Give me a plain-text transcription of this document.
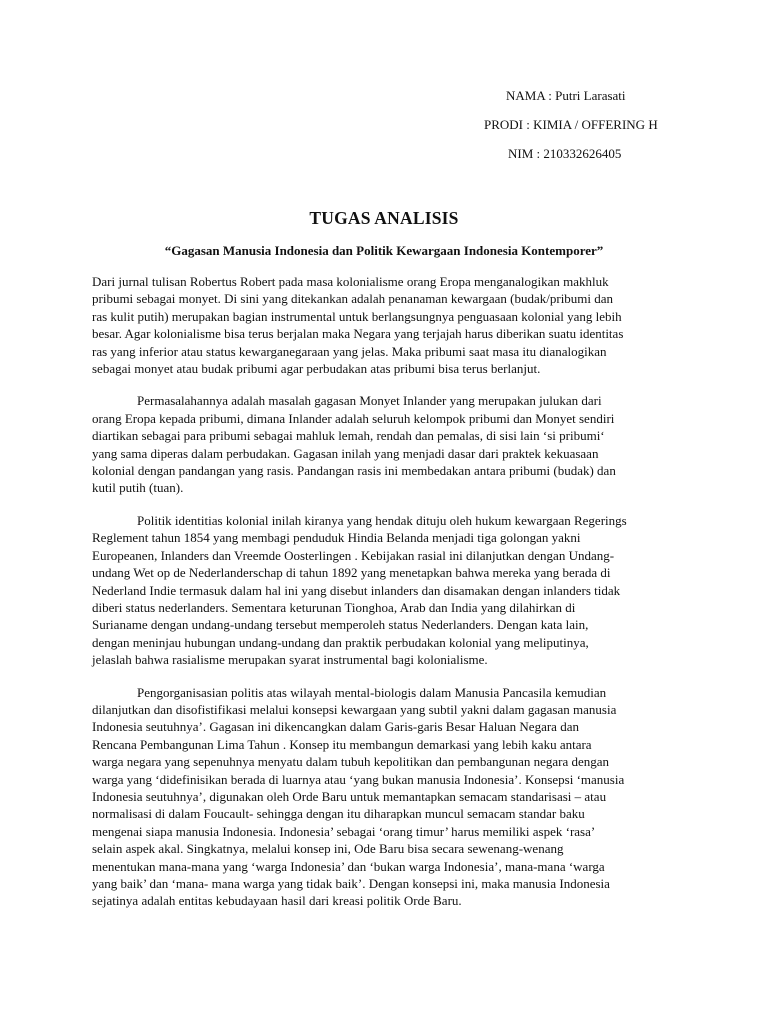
NAMA : Putri Larasati
PRODI : KIMIA / OFFERING H
NIM : 210332626405
TUGAS ANALISIS
“Gagasan Manusia Indonesia dan Politik Kewargaan Indonesia Kontemporer”

Dari jurnal tulisan Robertus Robert pada masa kolonialisme orang Eropa menganalogikan makhluk
pribumi sebagai monyet. Di sini yang ditekankan adalah penanaman kewargaan (budak/pribumi dan
ras kulit putih) merupakan bagian instrumental untuk berlangsungnya penguasaan kolonial yang lebih
besar. Agar kolonialisme bisa terus berjalan maka Negara yang terjajah harus diberikan suatu identitas
ras yang inferior atau status kewarganegaraan yang jelas. Maka pribumi saat masa itu dianalogikan
sebagai monyet atau budak pribumi agar perbudakan atas pribumi bisa terus berlanjut.

Permasalahannya adalah masalah gagasan Monyet Inlander yang merupakan julukan dari
orang Eropa kepada pribumi, dimana Inlander adalah seluruh kelompok pribumi dan Monyet sendiri
diartikan sebagai para pribumi sebagai mahluk lemah, rendah dan pemalas, di sisi lain ‘si pribumi‘
yang sama diperas dalam perbudakan. Gagasan inilah yang menjadi dasar dari praktek kekuasaan
kolonial dengan pandangan yang rasis. Pandangan rasis ini membedakan antara pribumi (budak) dan
kutil putih (tuan).

Politik identitias kolonial inilah kiranya yang hendak dituju oleh hukum kewargaan Regerings
Reglement tahun 1854 yang membagi penduduk Hindia Belanda menjadi tiga golongan yakni
Europeanen, Inlanders dan Vreemde Oosterlingen . Kebijakan rasial ini dilanjutkan dengan Undang-
undang Wet op de Nederlanderschap di tahun 1892 yang menetapkan bahwa mereka yang berada di
Nederland Indie termasuk dalam hal ini yang disebut inlanders dan disamakan dengan inlanders tidak
diberi status nederlanders. Sementara keturunan Tionghoa, Arab dan India yang dilahirkan di
Surianame dengan undang-undang tersebut memperoleh status Nederlanders. Dengan kata lain,
dengan meninjau hubungan undang-undang dan praktik perbudakan kolonial yang meliputinya,
jelaslah bahwa rasialisme merupakan syarat instrumental bagi kolonialisme.

Pengorganisasian politis atas wilayah mental-biologis dalam Manusia Pancasila kemudian
dilanjutkan dan disofistifikasi melalui konsepsi kewargaan yang subtil yakni dalam gagasan manusia
Indonesia seutuhnya’. Gagasan ini dikencangkan dalam Garis-garis Besar Haluan Negara dan
Rencana Pembangunan Lima Tahun . Konsep itu membangun demarkasi yang lebih kaku antara
warga negara yang sepenuhnya menyatu dalam tubuh kepolitikan dan pembangunan negara dengan
warga yang ‘didefinisikan berada di luarnya atau ‘yang bukan manusia Indonesia’. Konsepsi ‘manusia
Indonesia seutuhnya’, digunakan oleh Orde Baru untuk memantapkan semacam standarisasi – atau
normalisasi di dalam Foucault- sehingga dengan itu diharapkan muncul semacam standar baku
mengenai siapa manusia Indonesia. Indonesia’ sebagai ‘orang timur’ harus memiliki aspek ‘rasa’
selain aspek akal. Singkatnya, melalui konsep ini, Ode Baru bisa secara sewenang-wenang
menentukan mana-mana yang ‘warga Indonesia’ dan ‘bukan warga Indonesia’, mana-mana ‘warga
yang baik’ dan ‘mana- mana warga yang tidak baik’. Dengan konsepsi ini, maka manusia Indonesia
sejatinya adalah entitas kebudayaan hasil dari kreasi politik Orde Baru.
